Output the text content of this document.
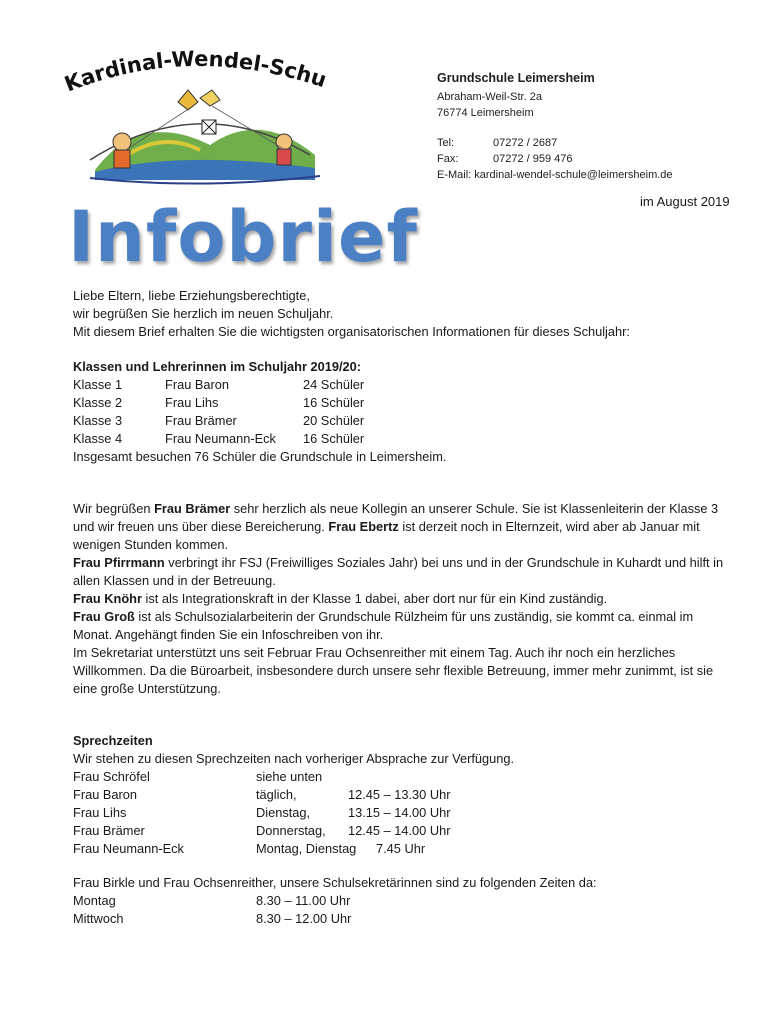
Kardinal-Wendel-Schu	Grundschule Leimersheim
Abraham-Weil-Str. 2a
76774 Leimersheim
Tel:	07272 / 2687
Fax:	07272 / 959 476
E-Mail: kardinal-wendel-schule@leimersheim.de
im August 2019
Infobrief
Liebe Eltern, liebe Erziehungsberechtigte,
wir begrüßen Sie herzlich im neuen Schuljahr.
Mit diesem Brief erhalten Sie die wichtigsten organisatorischen Informationen für dieses Schuljahr:
Klassen und Lehrerinnen im Schuljahr 2019/20:
Klasse 1	Frau Baron	24 Schüler
Klasse 2	Frau Lihs	16 Schüler
Klasse 3	Frau Brämer	20 Schüler
Klasse 4	Frau Neumann-Eck	16 Schüler
Insgesamt besuchen 76 Schüler die Grundschule in Leimersheim.
Wir begrüßen Frau Brämer sehr herzlich als neue Kollegin an unserer Schule. Sie ist Klassenleiterin der Klasse 3 und wir freuen uns über diese Bereicherung. Frau Ebertz ist derzeit noch in Elternzeit, wird aber ab Januar mit wenigen Stunden kommen.
Frau Pfirrmann verbringt ihr FSJ (Freiwilliges Soziales Jahr) bei uns und in der Grundschule in Kuhardt und hilft in allen Klassen und in der Betreuung.
Frau Knöhr ist als Integrationskraft in der Klasse 1 dabei, aber dort nur für ein Kind zuständig.
Frau Groß ist als Schulsozialarbeiterin der Grundschule Rülzheim für uns zuständig, sie kommt ca. einmal im Monat. Angehängt finden Sie ein Infoschreiben von ihr.
Im Sekretariat unterstützt uns seit Februar Frau Ochsenreither mit einem Tag. Auch ihr noch ein herzliches Willkommen. Da die Büroarbeit, insbesondere durch unsere sehr flexible Betreuung, immer mehr zunimmt, ist sie eine große Unterstützung.
Sprechzeiten
Wir stehen zu diesen Sprechzeiten nach vorheriger Absprache zur Verfügung.
Frau Schröfel	siehe unten
Frau Baron	täglich,	12.45 – 13.30 Uhr
Frau Lihs	Dienstag,	13.15 – 14.00 Uhr
Frau Brämer	Donnerstag,	12.45 – 14.00 Uhr
Frau Neumann-Eck	Montag, Dienstag	7.45 Uhr
Frau Birkle und Frau Ochsenreither, unsere Schulsekretärinnen sind zu folgenden Zeiten da:
Montag	8.30 – 11.00 Uhr
Mittwoch	8.30 – 12.00 Uhr
